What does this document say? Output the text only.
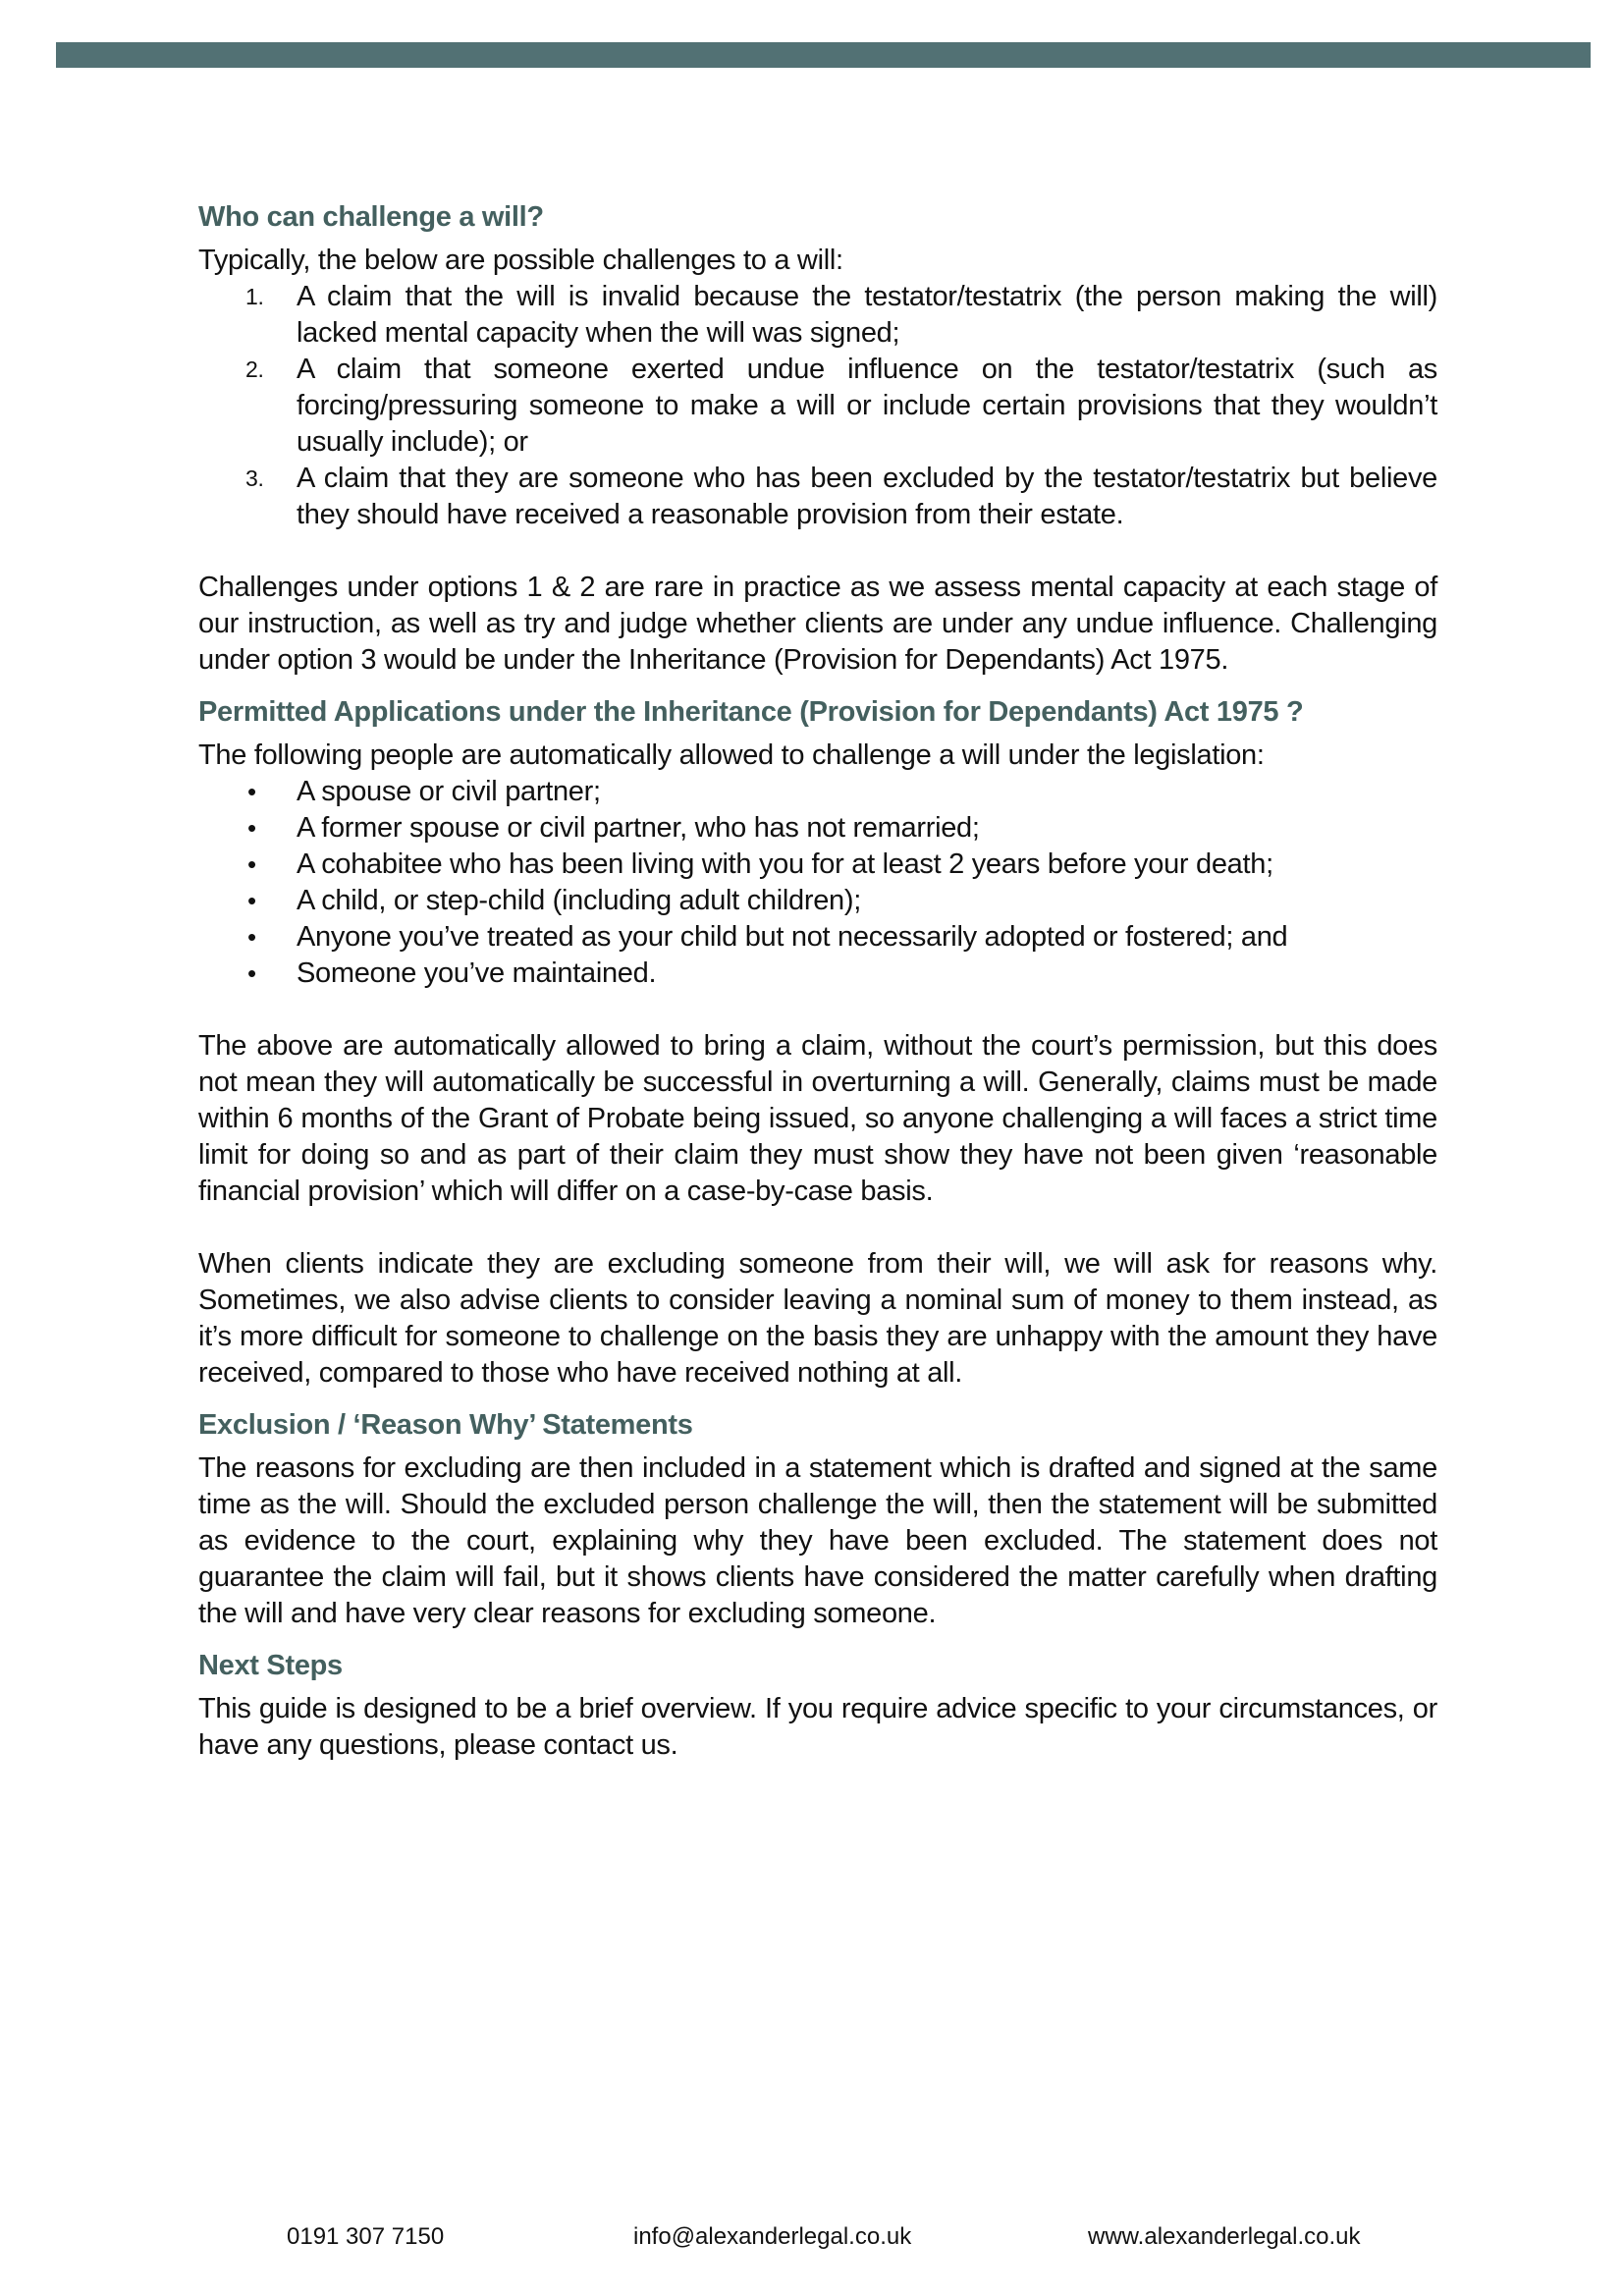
Who can challenge a will?

Typically, the below are possible challenges to a will:

1. A claim that the will is invalid because the testator/testatrix (the person making the will) lacked mental capacity when the will was signed;
2. A claim that someone exerted undue influence on the testator/testatrix (such as forcing/pressuring someone to make a will or include certain provisions that they wouldn’t usually include); or
3. A claim that they are someone who has been excluded by the testator/testatrix but believe they should have received a reasonable provision from their estate.

Challenges under options 1 & 2 are rare in practice as we assess mental capacity at each stage of our instruction, as well as try and judge whether clients are under any undue influence. Challenging under option 3 would be under the Inheritance (Provision for Dependants) Act 1975.

Permitted Applications under the Inheritance (Provision for Dependants) Act 1975 ?

The following people are automatically allowed to challenge a will under the legislation:

• A spouse or civil partner;
• A former spouse or civil partner, who has not remarried;
• A cohabitee who has been living with you for at least 2 years before your death;
• A child, or step-child (including adult children);
• Anyone you’ve treated as your child but not necessarily adopted or fostered; and
• Someone you’ve maintained.

The above are automatically allowed to bring a claim, without the court’s permission, but this does not mean they will automatically be successful in overturning a will. Generally, claims must be made within 6 months of the Grant of Probate being issued, so anyone challenging a will faces a strict time limit for doing so and as part of their claim they must show they have not been given ‘reasonable financial provision’ which will differ on a case-by-case basis.

When clients indicate they are excluding someone from their will, we will ask for reasons why. Sometimes, we also advise clients to consider leaving a nominal sum of money to them instead, as it’s more difficult for someone to challenge on the basis they are unhappy with the amount they have received, compared to those who have received nothing at all.

Exclusion / ‘Reason Why’ Statements

The reasons for excluding are then included in a statement which is drafted and signed at the same time as the will. Should the excluded person challenge the will, then the statement will be submitted as evidence to the court, explaining why they have been excluded. The statement does not guarantee the claim will fail, but it shows clients have considered the matter carefully when drafting the will and have very clear reasons for excluding someone.

Next Steps

This guide is designed to be a brief overview. If you require advice specific to your circumstances, or have any questions, please contact us.

0191 307 7150	info@alexanderlegal.co.uk	www.alexanderlegal.co.uk
